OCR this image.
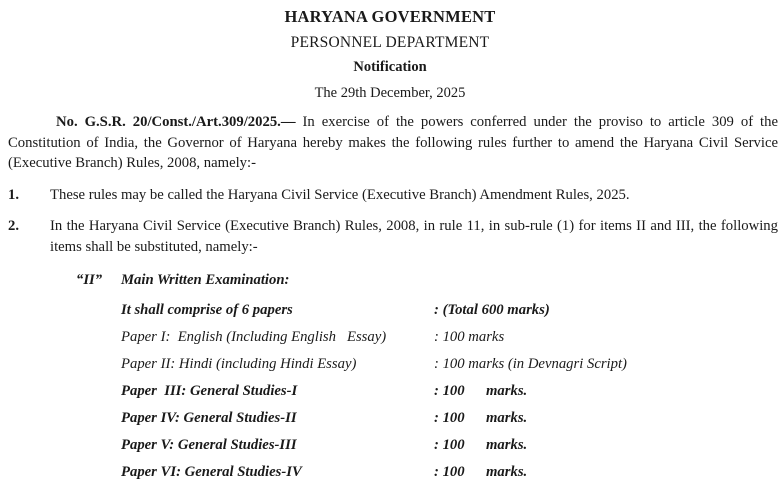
HARYANA GOVERNMENT
PERSONNEL DEPARTMENT
Notification
The 29th December, 2025

No. G.S.R. 20/Const./Art.309/2025.— In exercise of the powers conferred under the proviso to article 309 of the Constitution of India, the Governor of Haryana hereby makes the following rules further to amend the Haryana Civil Service (Executive Branch) Rules, 2008, namely:-

1. These rules may be called the Haryana Civil Service (Executive Branch) Amendment Rules, 2025.
2. In the Haryana Civil Service (Executive Branch) Rules, 2008, in rule 11, in sub-rule (1) for items II and III, the following items shall be substituted, namely:-
“II” Main Written Examination:
It shall comprise of 6 papers	: (Total 600 marks)
Paper I:  English (Including English   Essay)	: 100 marks
Paper II: Hindi (including Hindi Essay)	: 100 marks (in Devnagri Script)
Paper  III: General Studies-I	: 100 marks.
Paper IV: General Studies-II	: 100 marks.
Paper V: General Studies-III	: 100 marks.
Paper VI: General Studies-IV	: 100 marks.
